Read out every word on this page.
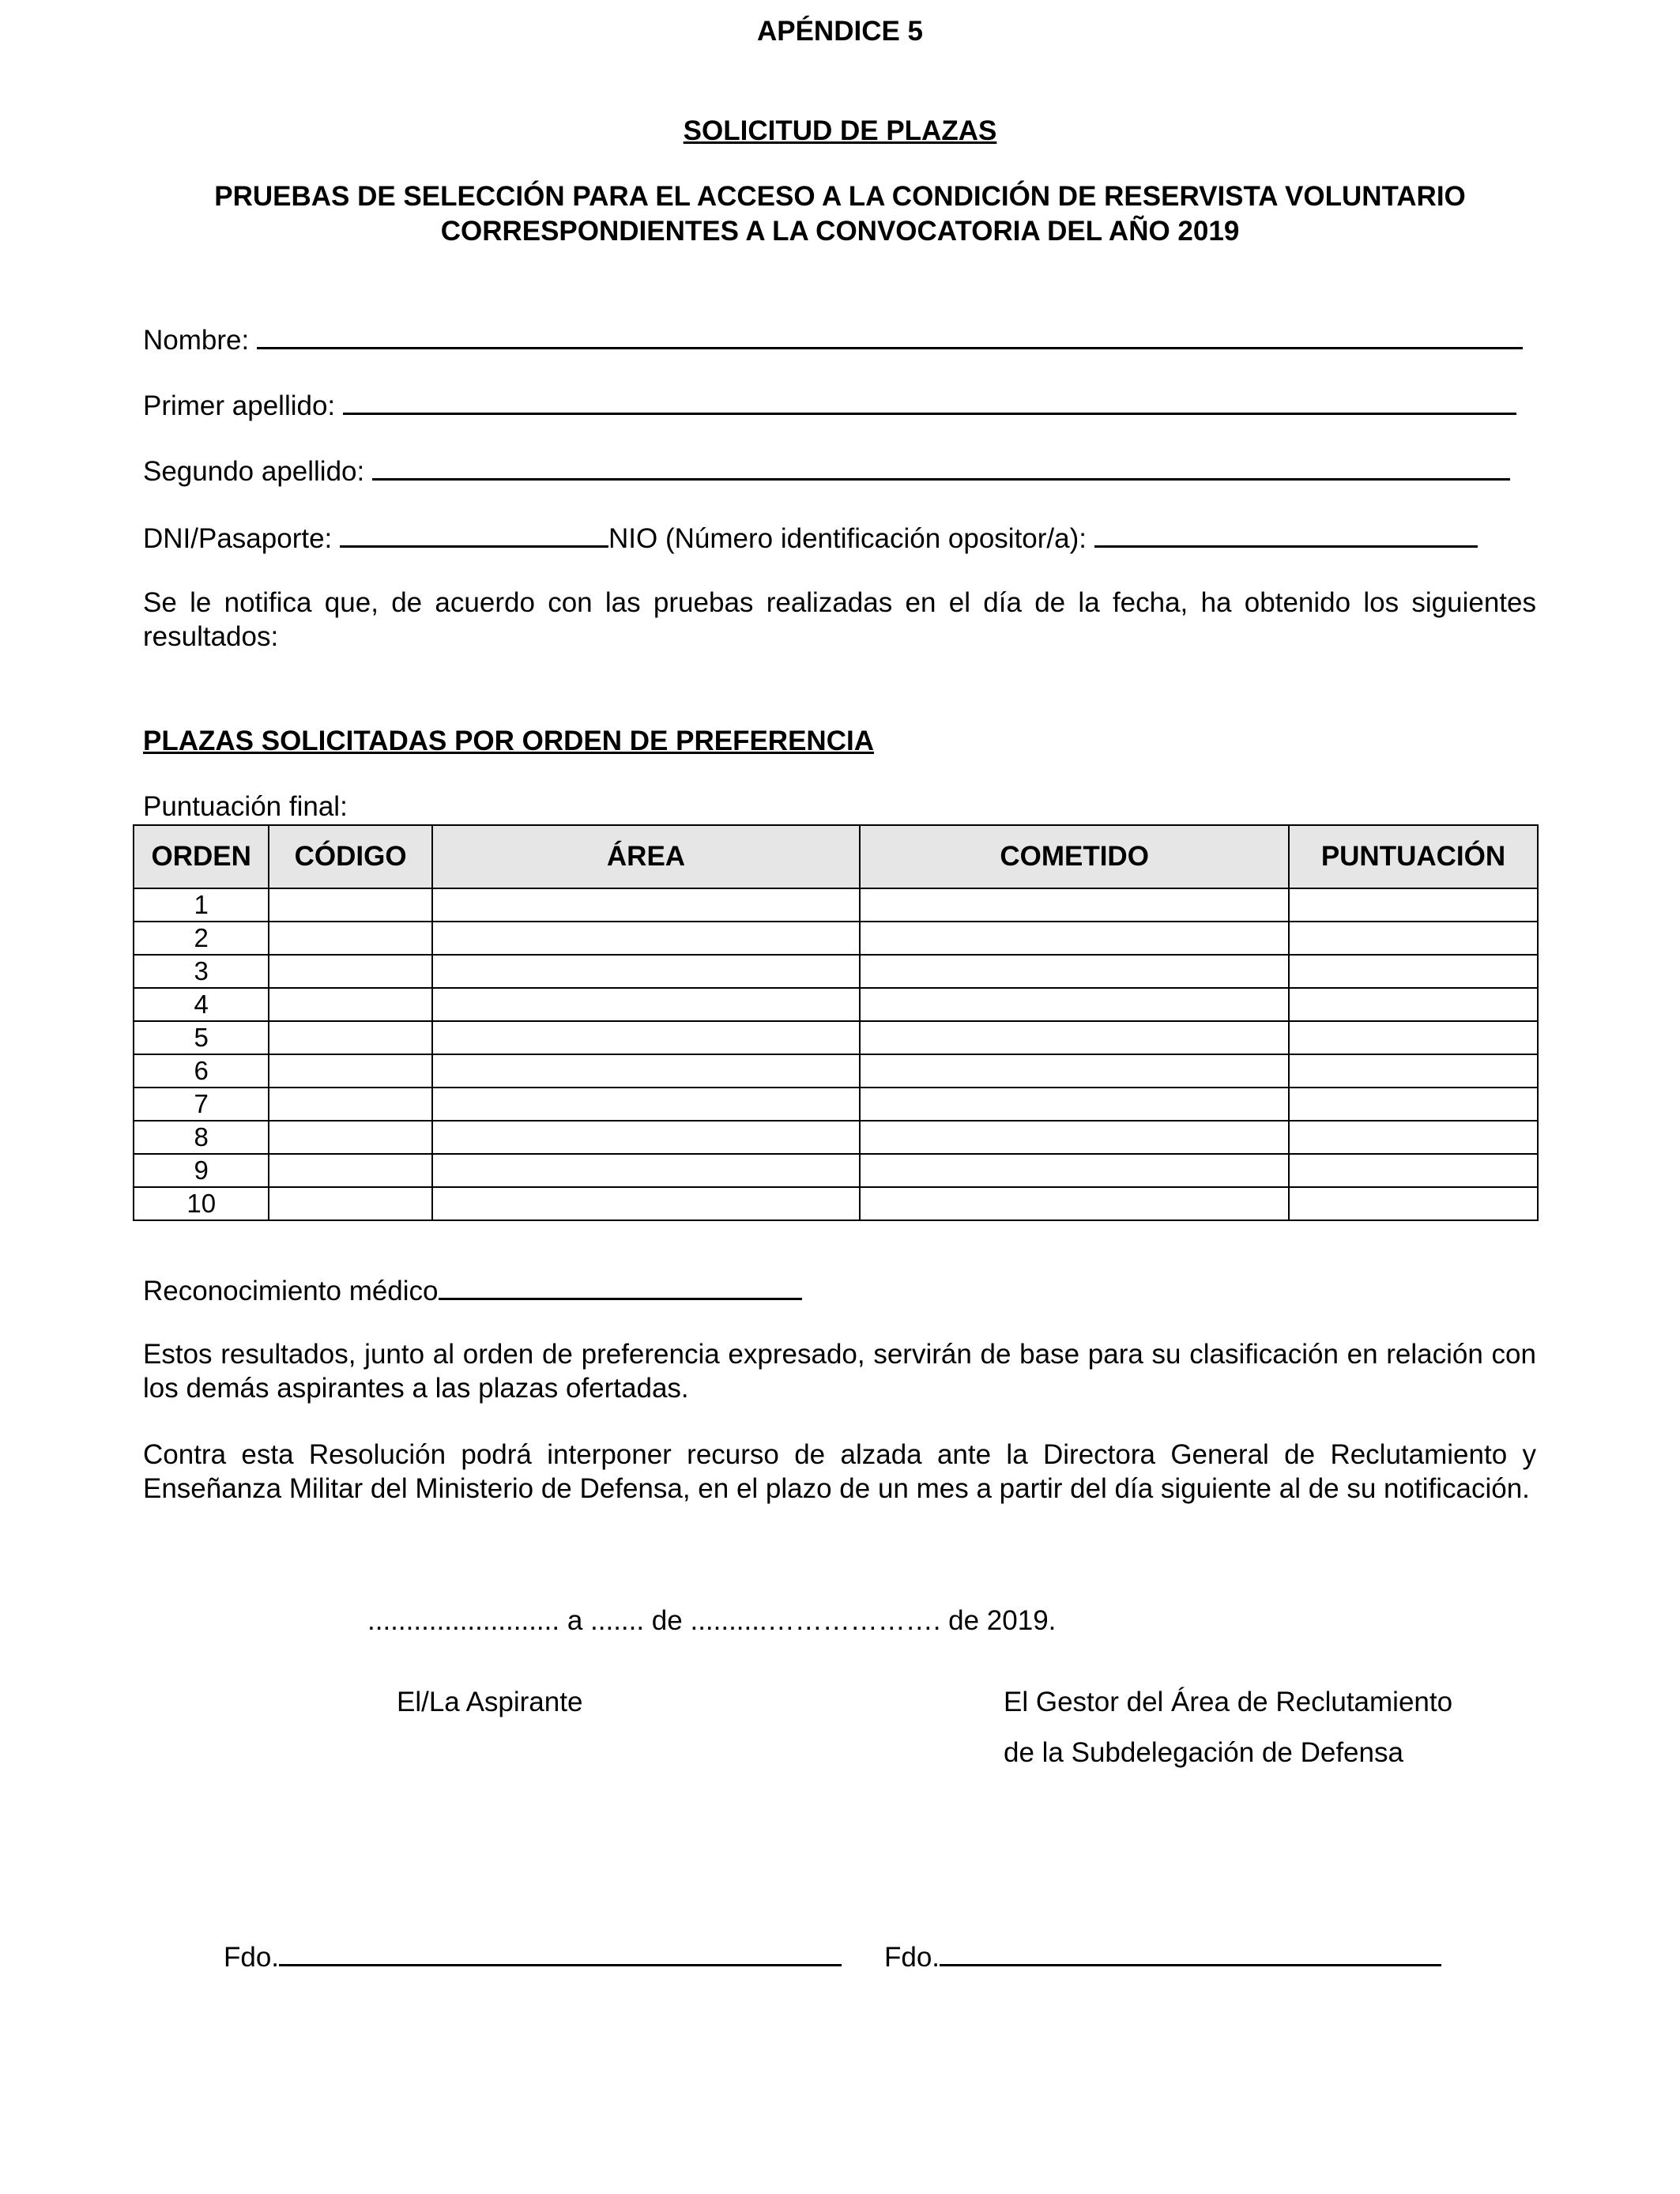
APÉNDICE 5
SOLICITUD DE PLAZAS
PRUEBAS DE SELECCIÓN PARA EL ACCESO A LA CONDICIÓN DE RESERVISTA VOLUNTARIO
CORRESPONDIENTES A LA CONVOCATORIA DEL AÑO 2019
Nombre:
Primer apellido:
Segundo apellido:
DNI/Pasaporte:	NIO (Número identificación opositor/a):
Se le notifica que, de acuerdo con las pruebas realizadas en el día de la fecha, ha obtenido los siguientes resultados:
PLAZAS SOLICITADAS POR ORDEN DE PREFERENCIA
Puntuación final:
ORDEN	CÓDIGO	ÁREA	COMETIDO	PUNTUACIÓN
1				
2				
3				
4				
5				
6				
7				
8				
9				
10				
Reconocimiento médico
Estos resultados, junto al orden de preferencia expresado, servirán de base para su clasificación en relación con los demás aspirantes a las plazas ofertadas.
Contra esta Resolución podrá interponer recurso de alzada ante la Directora General de Reclutamiento y Enseñanza Militar del Ministerio de Defensa, en el plazo de un mes a partir del día siguiente al de su notificación.
......................... a ....... de ..........………………. de 2019.
El/La Aspirante	El Gestor del Área de Reclutamiento
de la Subdelegación de Defensa
Fdo.	Fdo.
